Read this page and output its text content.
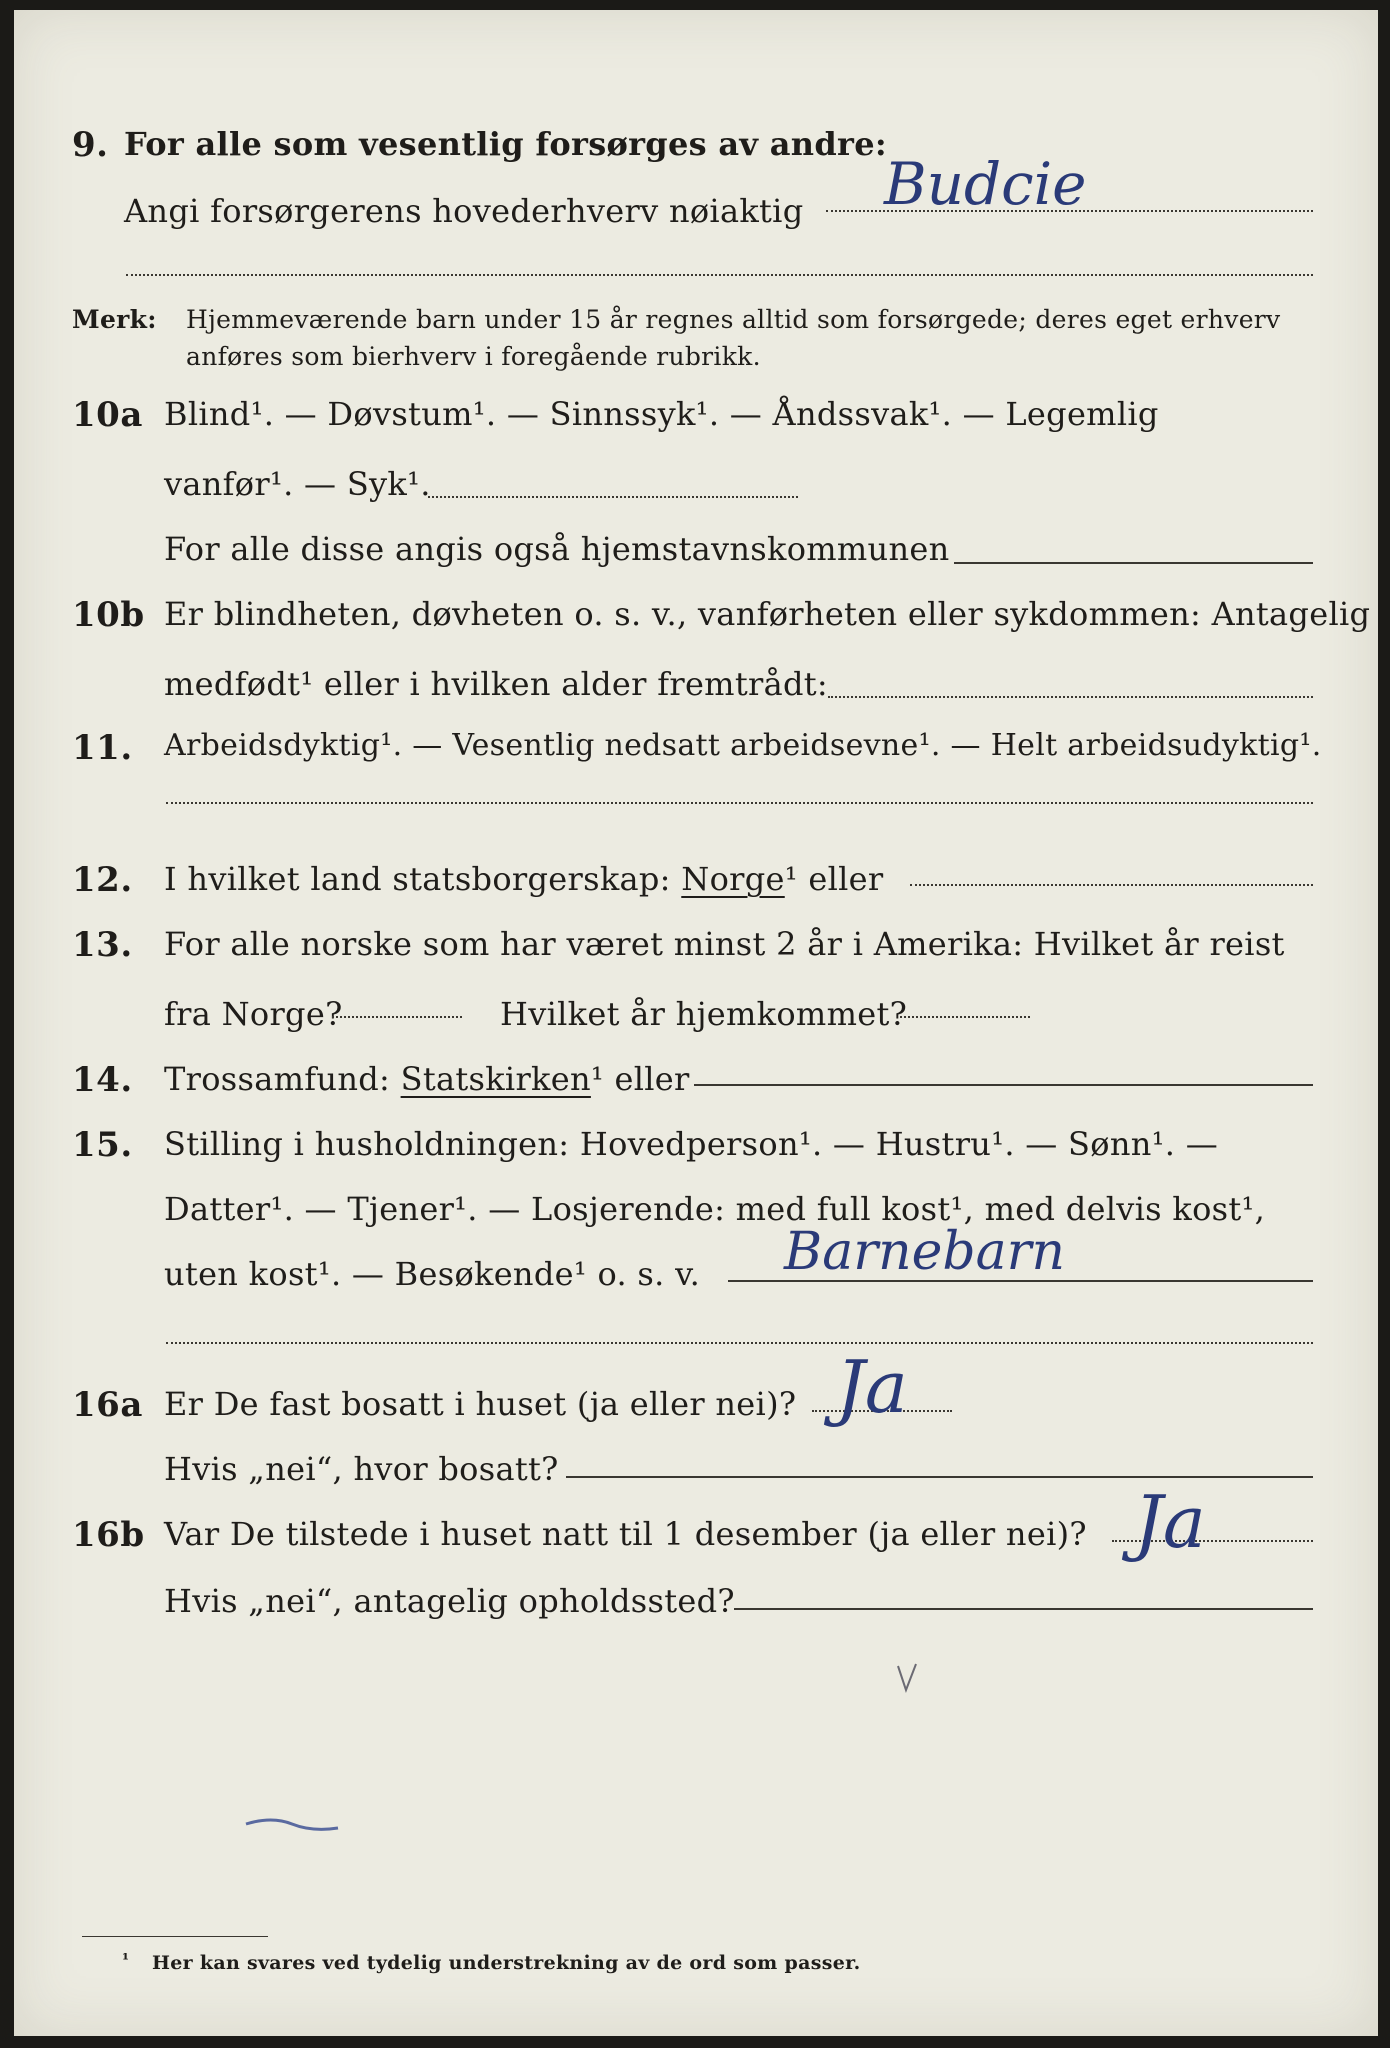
9. For alle som vesentlig forsørges av andre:
Angi forsørgerens hovederhverv nøiaktig Budcie
Merk: Hjemmeværende barn under 15 år regnes alltid som forsørgede; deres eget erhverv
anføres som bierhverv i foregående rubrikk.
10a Blind¹. — Døvstum¹. — Sinnssyk¹. — Åndssvak¹. — Legemlig
vanfør¹. — Syk¹.
For alle disse angis også hjemstavnskommunen
10b Er blindheten, døvheten o. s. v., vanførheten eller sykdommen: Antagelig
medfødt¹ eller i hvilken alder fremtrådt:
11. Arbeidsdyktig¹. — Vesentlig nedsatt arbeidsevne¹. — Helt arbeidsudyktig¹.
12. I hvilket land statsborgerskap: Norge¹ eller
13. For alle norske som har været minst 2 år i Amerika: Hvilket år reist
fra Norge?	Hvilket år hjemkommet?
14. Trossamfund: Statskirken¹ eller
15. Stilling i husholdningen: Hovedperson¹. — Hustru¹. — Sønn¹. —
Datter¹. — Tjener¹. — Losjerende: med full kost¹, med delvis kost¹,
uten kost¹. — Besøkende¹ o. s. v. Barnebarn
16a Er De fast bosatt i huset (ja eller nei)? Ja
Hvis „nei“, hvor bosatt?
16b Var De tilstede i huset natt til 1 desember (ja eller nei)? Ja
Hvis „nei“, antagelig opholdssted?
¹ Her kan svares ved tydelig understrekning av de ord som passer.
